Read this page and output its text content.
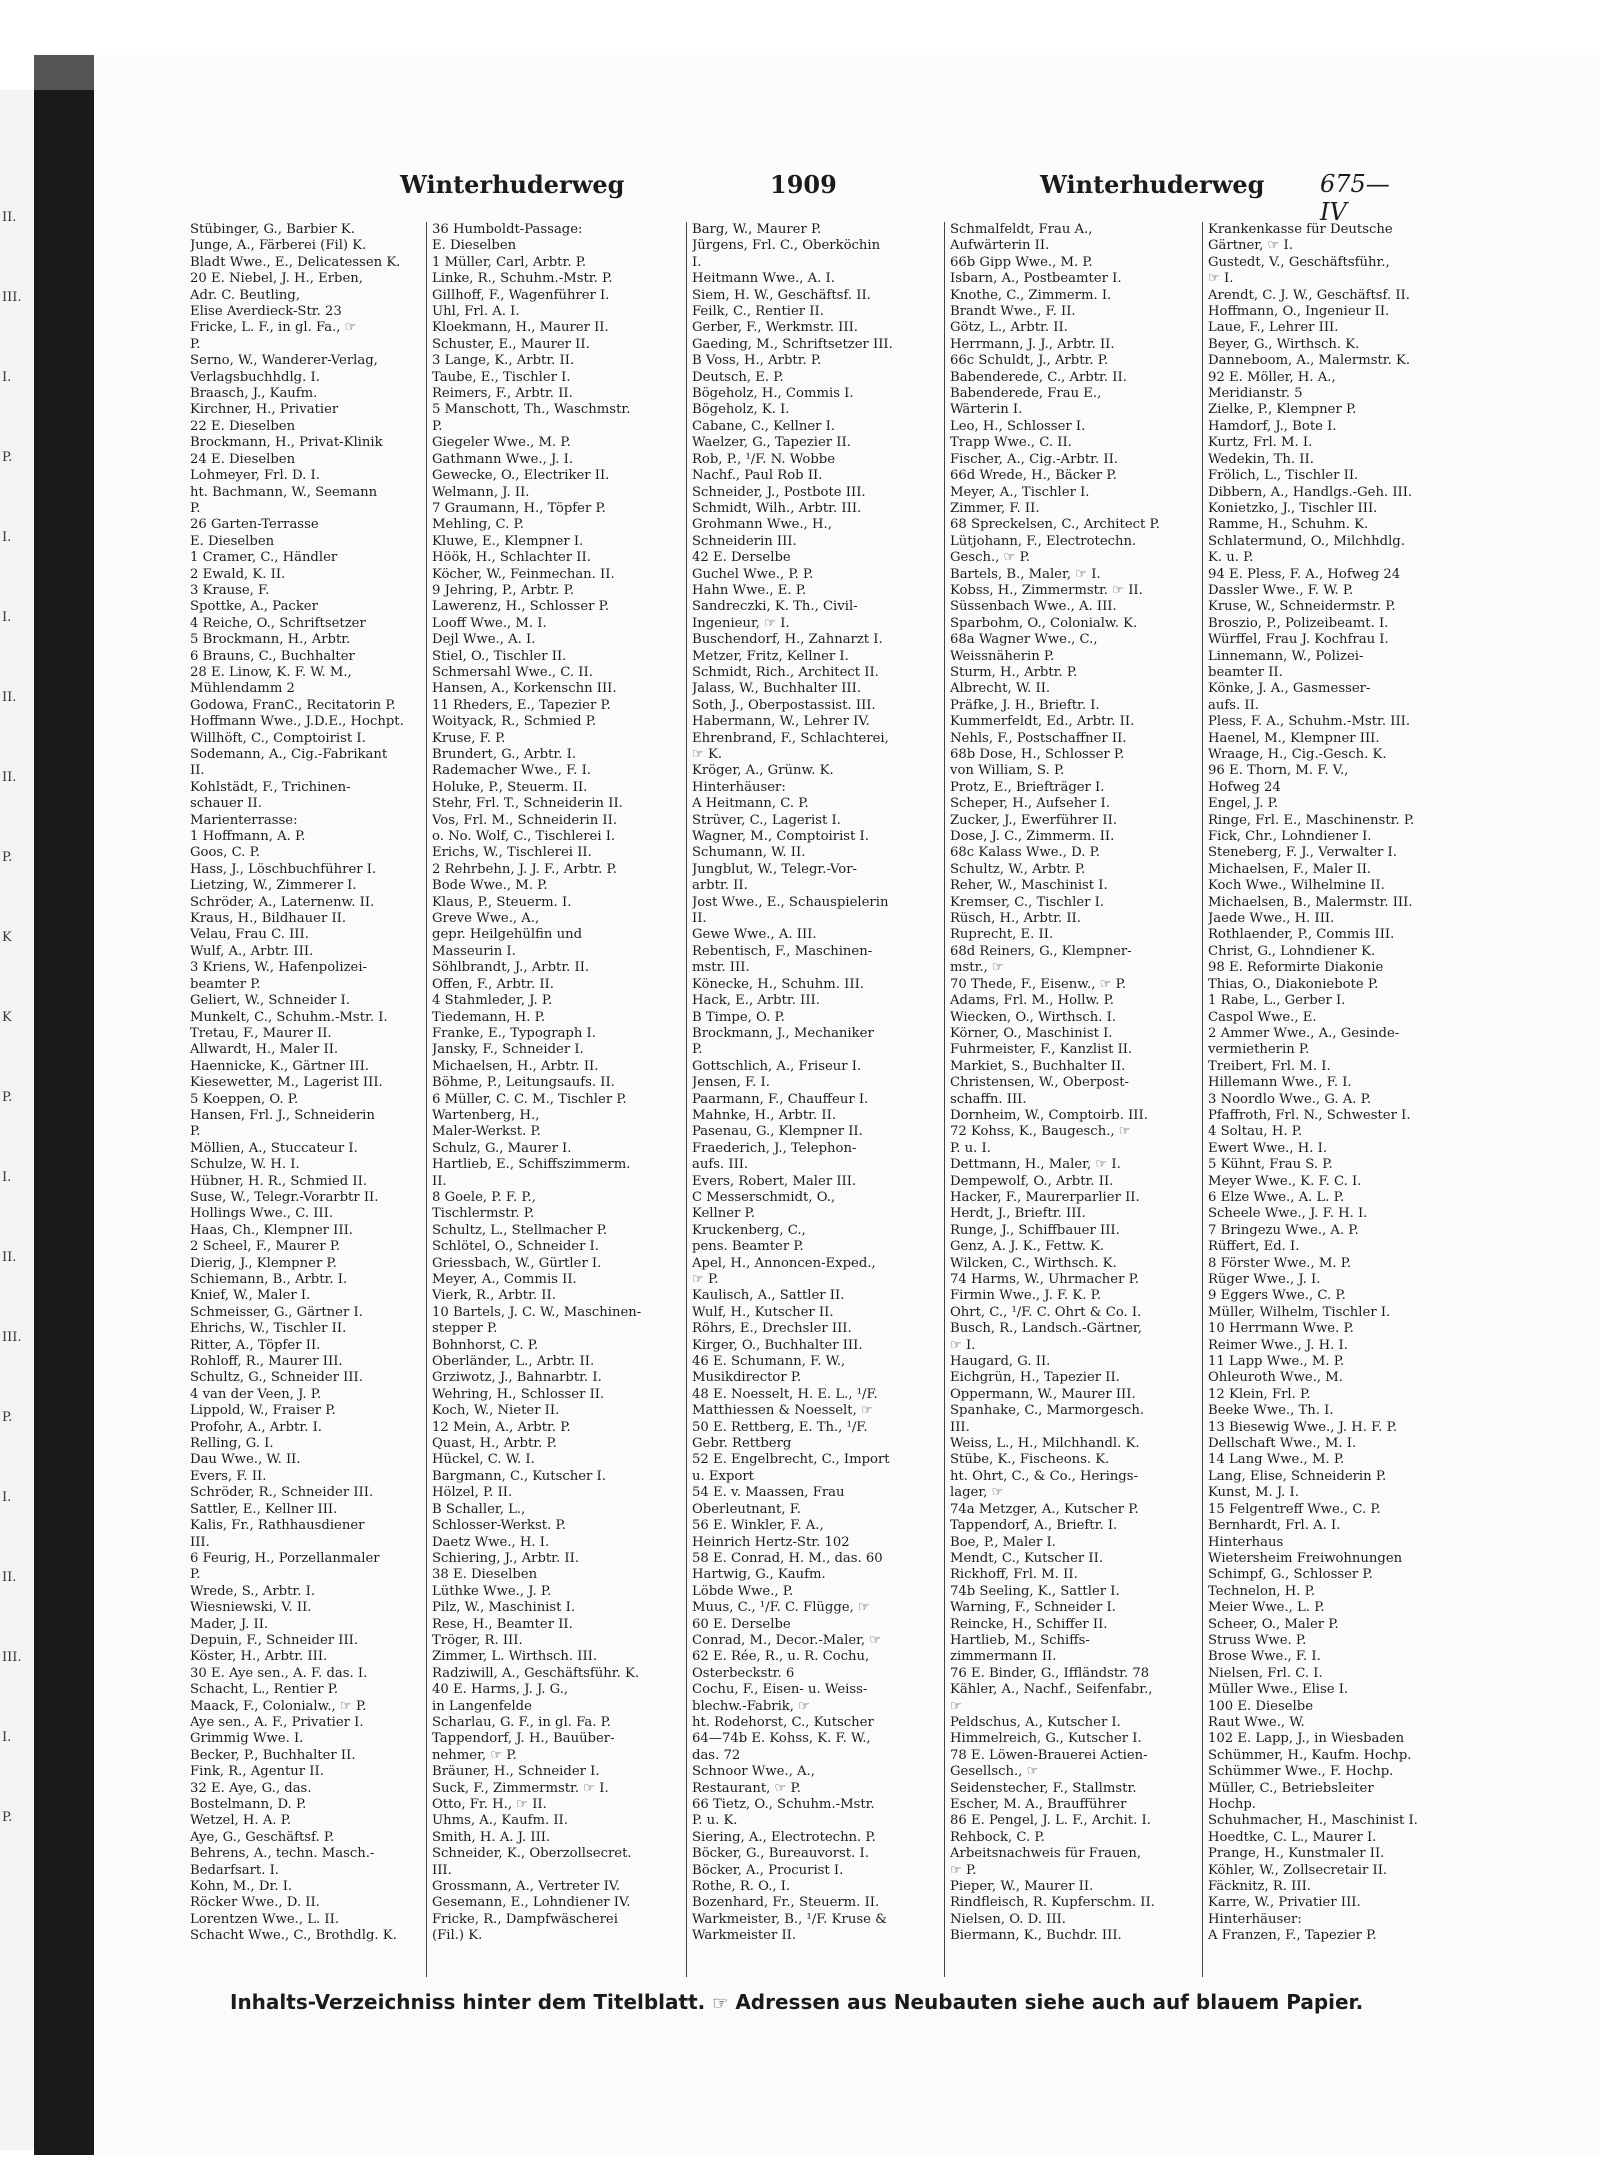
II.
III.
I.
P.
I.
I.
II.
II.
P.
K
K
P.
I.
II.
III.
P.
I.
II.
III.
I.
P.
Winterhuderweg	1909	Winterhuderweg 675—IV
Stübinger, G., Barbier K.
Junge, A., Färberei (Fil) K.
Bladt Wwe., E., Delicatessen K.
20 E. Niebel, J. H., Erben,
Adr. C. Beutling,
Elise Averdieck-Str. 23
Fricke, L. F., in gl. Fa., ☞
P.
Serno, W., Wanderer-Verlag,
Verlagsbuchhdlg. I.
Braasch, J., Kaufm.
Kirchner, H., Privatier
22 E. Dieselben
Brockmann, H., Privat-Klinik
24 E. Dieselben
Lohmeyer, Frl. D. I.
ht. Bachmann, W., Seemann
P.
26 Garten-Terrasse
E. Dieselben
1 Cramer, C., Händler
2 Ewald, K. II.
3 Krause, F.
Spottke, A., Packer
4 Reiche, O., Schriftsetzer
5 Brockmann, H., Arbtr.
6 Brauns, C., Buchhalter
28 E. Linow, K. F. W. M.,
Mühlendamm 2
Godowa, FranC., Recitatorin P.
Hoffmann Wwe., J.D.E., Hochpt.
Willhöft, C., Comptoirist I.
Sodemann, A., Cig.-Fabrikant
II.
Kohlstädt, F., Trichinen-
schauer II.
Marienterrasse:
1 Hoffmann, A. P.
Goos, C. P.
Hass, J., Löschbuchführer I.
Lietzing, W., Zimmerer I.
Schröder, A., Laternenw. II.
Kraus, H., Bildhauer II.
Velau, Frau C. III.
Wulf, A., Arbtr. III.
3 Kriens, W., Hafenpolizei-
beamter P.
Geliert, W., Schneider I.
Munkelt, C., Schuhm.-Mstr. I.
Tretau, F., Maurer II.
Allwardt, H., Maler II.
Haennicke, K., Gärtner III.
Kiesewetter, M., Lagerist III.
5 Koeppen, O. P.
Hansen, Frl. J., Schneiderin
P.
Möllien, A., Stuccateur I.
Schulze, W. H. I.
Hübner, H. R., Schmied II.
Suse, W., Telegr.-Vorarbtr II.
Hollings Wwe., C. III.
Haas, Ch., Klempner III.
2 Scheel, F., Maurer P.
Dierig, J., Klempner P.
Schiemann, B., Arbtr. I.
Knief, W., Maler I.
Schmeisser, G., Gärtner I.
Ehrichs, W., Tischler II.
Ritter, A., Töpfer II.
Rohloff, R., Maurer III.
Schultz, G., Schneider III.
4 van der Veen, J. P.
Lippold, W., Fraiser P.
Profohr, A., Arbtr. I.
Relling, G. I.
Dau Wwe., W. II.
Evers, F. II.
Schröder, R., Schneider III.
Sattler, E., Kellner III.
Kalis, Fr., Rathhausdiener
III.
6 Feurig, H., Porzellanmaler
P.
Wrede, S., Arbtr. I.
Wiesniewski, V. II.
Mader, J. II.
Depuin, F., Schneider III.
Köster, H., Arbtr. III.
30 E. Aye sen., A. F. das. I.
Schacht, L., Rentier P.
Maack, F., Colonialw., ☞ P.
Aye sen., A. F., Privatier I.
Grimmig Wwe. I.
Becker, P., Buchhalter II.
Fink, R., Agentur II.
32 E. Aye, G., das.
Bostelmann, D. P.
Wetzel, H. A. P.
Aye, G., Geschäftsf. P.
Behrens, A., techn. Masch.-
Bedarfsart. I.
Kohn, M., Dr. I.
Röcker Wwe., D. II.
Lorentzen Wwe., L. II.
Schacht Wwe., C., Brothdlg. K.
36 Humboldt-Passage:
E. Dieselben
1 Müller, Carl, Arbtr. P.
Linke, R., Schuhm.-Mstr. P.
Gillhoff, F., Wagenführer I.
Uhl, Frl. A. I.
Kloekmann, H., Maurer II.
Schuster, E., Maurer II.
3 Lange, K., Arbtr. II.
Taube, E., Tischler I.
Reimers, F., Arbtr. II.
5 Manschott, Th., Waschmstr.
P.
Giegeler Wwe., M. P.
Gathmann Wwe., J. I.
Gewecke, O., Electriker II.
Welmann, J. II.
7 Graumann, H., Töpfer P.
Mehling, C. P.
Kluwe, E., Klempner I.
Höök, H., Schlachter II.
Köcher, W., Feinmechan. II.
9 Jehring, P., Arbtr. P.
Lawerenz, H., Schlosser P.
Looff Wwe., M. I.
Dejl Wwe., A. I.
Stiel, O., Tischler II.
Schmersahl Wwe., C. II.
Hansen, A., Korkenschn III.
11 Rheders, E., Tapezier P.
Woityack, R., Schmied P.
Kruse, F. P.
Brundert, G., Arbtr. I.
Rademacher Wwe., F. I.
Holuke, P., Steuerm. II.
Stehr, Frl. T., Schneiderin II.
Vos, Frl. M., Schneiderin II.
o. No. Wolf, C., Tischlerei I.
Erichs, W., Tischlerei II.
2 Rehrbehn, J. J. F., Arbtr. P.
Bode Wwe., M. P.
Klaus, P., Steuerm. I.
Greve Wwe., A.,
gepr. Heilgehülfin und
Masseurin I.
Söhlbrandt, J., Arbtr. II.
Offen, F., Arbtr. II.
4 Stahmleder, J. P.
Tiedemann, H. P.
Franke, E., Typograph I.
Jansky, F., Schneider I.
Michaelsen, H., Arbtr. II.
Böhme, P., Leitungsaufs. II.
6 Müller, C. C. M., Tischler P.
Wartenberg, H.,
Maler-Werkst. P.
Schulz, G., Maurer I.
Hartlieb, E., Schiffszimmerm.
II.
8 Goele, P. F. P.,
Tischlermstr. P.
Schultz, L., Stellmacher P.
Schlötel, O., Schneider I.
Griessbach, W., Gürtler I.
Meyer, A., Commis II.
Vierk, R., Arbtr. II.
10 Bartels, J. C. W., Maschinen-
stepper P.
Bohnhorst, C. P.
Oberländer, L., Arbtr. II.
Grziwotz, J., Bahnarbtr. I.
Wehring, H., Schlosser II.
Koch, W., Nieter II.
12 Mein, A., Arbtr. P.
Quast, H., Arbtr. P.
Hückel, C. W. I.
Bargmann, C., Kutscher I.
Hölzel, P. II.
B Schaller, L.,
Schlosser-Werkst. P.
Daetz Wwe., H. I.
Schiering, J., Arbtr. II.
38 E. Dieselben
Lüthke Wwe., J. P.
Pilz, W., Maschinist I.
Rese, H., Beamter II.
Tröger, R. III.
Zimmer, L. Wirthsch. III.
Radziwill, A., Geschäftsführ. K.
40 E. Harms, J. J. G.,
in Langenfelde
Scharlau, G. F., in gl. Fa. P.
Tappendorf, J. H., Bauüber-
nehmer, ☞ P.
Bräuner, H., Schneider I.
Suck, F., Zimmermstr. ☞ I.
Otto, Fr. H., ☞ II.
Uhms, A., Kaufm. II.
Smith, H. A. J. III.
Schneider, K., Oberzollsecret.
III.
Grossmann, A., Vertreter IV.
Gesemann, E., Lohndiener IV.
Fricke, R., Dampfwäscherei
(Fil.) K.
Barg, W., Maurer P.
Jürgens, Frl. C., Oberköchin
I.
Heitmann Wwe., A. I.
Siem, H. W., Geschäftsf. II.
Feilk, C., Rentier II.
Gerber, F., Werkmstr. III.
Gaeding, M., Schriftsetzer III.
B Voss, H., Arbtr. P.
Deutsch, E. P.
Bögeholz, H., Commis I.
Bögeholz, K. I.
Cabane, C., Kellner I.
Waelzer, G., Tapezier II.
Rob, P., ¹/F. N. Wobbe
Nachf., Paul Rob II.
Schneider, J., Postbote III.
Schmidt, Wilh., Arbtr. III.
Grohmann Wwe., H.,
Schneiderin III.
42 E. Derselbe
Guchel Wwe., P. P.
Hahn Wwe., E. P.
Sandreczki, K. Th., Civil-
Ingenieur, ☞ I.
Buschendorf, H., Zahnarzt I.
Metzer, Fritz, Kellner I.
Schmidt, Rich., Architect II.
Jalass, W., Buchhalter III.
Soth, J., Oberpostassist. III.
Habermann, W., Lehrer IV.
Ehrenbrand, F., Schlachterei,
☞ K.
Kröger, A., Grünw. K.
Hinterhäuser:
A Heitmann, C. P.
Strüver, C., Lagerist I.
Wagner, M., Comptoirist I.
Schumann, W. II.
Jungblut, W., Telegr.-Vor-
arbtr. II.
Jost Wwe., E., Schauspielerin
II.
Gewe Wwe., A. III.
Rebentisch, F., Maschinen-
mstr. III.
Könecke, H., Schuhm. III.
Hack, E., Arbtr. III.
B Timpe, O. P.
Brockmann, J., Mechaniker
P.
Gottschlich, A., Friseur I.
Jensen, F. I.
Paarmann, F., Chauffeur I.
Mahnke, H., Arbtr. II.
Pasenau, G., Klempner II.
Fraederich, J., Telephon-
aufs. III.
Evers, Robert, Maler III.
C Messerschmidt, O.,
Kellner P.
Kruckenberg, C.,
pens. Beamter P.
Apel, H., Annoncen-Exped.,
☞ P.
Kaulisch, A., Sattler II.
Wulf, H., Kutscher II.
Röhrs, E., Drechsler III.
Kirger, O., Buchhalter III.
46 E. Schumann, F. W.,
Musikdirector P.
48 E. Noesselt, H. E. L., ¹/F.
Matthiessen & Noesselt, ☞
50 E. Rettberg, E. Th., ¹/F.
Gebr. Rettberg
52 E. Engelbrecht, C., Import
u. Export
54 E. v. Maassen, Frau
Oberleutnant, F.
56 E. Winkler, F. A.,
Heinrich Hertz-Str. 102
58 E. Conrad, H. M., das. 60
Hartwig, G., Kaufm.
Löbde Wwe., P.
Muus, C., ¹/F. C. Flügge, ☞
60 E. Derselbe
Conrad, M., Decor.-Maler, ☞
62 E. Rée, R., u. R. Cochu,
Osterbeckstr. 6
Cochu, F., Eisen- u. Weiss-
blechw.-Fabrik, ☞
ht. Rodehorst, C., Kutscher
64—74b E. Kohss, K. F. W.,
das. 72
Schnoor Wwe., A.,
Restaurant, ☞ P.
66 Tietz, O., Schuhm.-Mstr.
P. u. K.
Siering, A., Electrotechn. P.
Böcker, G., Bureauvorst. I.
Böcker, A., Procurist I.
Rothe, R. O., I.
Bozenhard, Fr., Steuerm. II.
Warkmeister, B., ¹/F. Kruse &
Warkmeister II.
Schmalfeldt, Frau A.,
Aufwärterin II.
66b Gipp Wwe., M. P.
Isbarn, A., Postbeamter I.
Knothe, C., Zimmerm. I.
Brandt Wwe., F. II.
Götz, L., Arbtr. II.
Herrmann, J. J., Arbtr. II.
66c Schuldt, J., Arbtr. P.
Babenderede, C., Arbtr. II.
Babenderede, Frau E.,
Wärterin I.
Leo, H., Schlosser I.
Trapp Wwe., C. II.
Fischer, A., Cig.-Arbtr. II.
66d Wrede, H., Bäcker P.
Meyer, A., Tischler I.
Zimmer, F. II.
68 Spreckelsen, C., Architect P.
Lütjohann, F., Electrotechn.
Gesch., ☞ P.
Bartels, B., Maler, ☞ I.
Kobss, H., Zimmermstr. ☞ II.
Süssenbach Wwe., A. III.
Sparbohm, O., Colonialw. K.
68a Wagner Wwe., C.,
Weissnäherin P.
Sturm, H., Arbtr. P.
Albrecht, W. II.
Präfke, J. H., Brieftr. I.
Kummerfeldt, Ed., Arbtr. II.
Nehls, F., Postschaffner II.
68b Dose, H., Schlosser P.
von William, S. P.
Protz, E., Briefträger I.
Scheper, H., Aufseher I.
Zucker, J., Ewerführer II.
Dose, J. C., Zimmerm. II.
68c Kalass Wwe., D. P.
Schultz, W., Arbtr. P.
Reher, W., Maschinist I.
Kremser, C., Tischler I.
Rüsch, H., Arbtr. II.
Ruprecht, E. II.
68d Reiners, G., Klempner-
mstr., ☞
70 Thede, F., Eisenw., ☞ P.
Adams, Frl. M., Hollw. P.
Wiecken, O., Wirthsch. I.
Körner, O., Maschinist I.
Fuhrmeister, F., Kanzlist II.
Markiet, S., Buchhalter II.
Christensen, W., Oberpost-
schaffn. III.
Dornheim, W., Comptoirb. III.
72 Kohss, K., Baugesch., ☞
P. u. I.
Dettmann, H., Maler, ☞ I.
Dempewolf, O., Arbtr. II.
Hacker, F., Maurerparlier II.
Herdt, J., Brieftr. III.
Runge, J., Schiffbauer III.
Genz, A. J. K., Fettw. K.
Wilcken, C., Wirthsch. K.
74 Harms, W., Uhrmacher P.
Firmin Wwe., J. F. K. P.
Ohrt, C., ¹/F. C. Ohrt & Co. I.
Busch, R., Landsch.-Gärtner,
☞ I.
Haugard, G. II.
Eichgrün, H., Tapezier II.
Oppermann, W., Maurer III.
Spanhake, C., Marmorgesch.
III.
Weiss, L., H., Milchhandl. K.
Stübe, K., Fischeons. K.
ht. Ohrt, C., & Co., Herings-
lager, ☞
74a Metzger, A., Kutscher P.
Tappendorf, A., Brieftr. I.
Boe, P., Maler I.
Mendt, C., Kutscher II.
Rickhoff, Frl. M. II.
74b Seeling, K., Sattler I.
Warning, F., Schneider I.
Reincke, H., Schiffer II.
Hartlieb, M., Schiffs-
zimmermann II.
76 E. Binder, G., Iffländstr. 78
Kähler, A., Nachf., Seifenfabr.,
☞
Peldschus, A., Kutscher I.
Himmelreich, G., Kutscher I.
78 E. Löwen-Brauerei Actien-
Gesellsch., ☞
Seidenstecher, F., Stallmstr.
Escher, M. A., Braufführer
86 E. Pengel, J. L. F., Archit. I.
Rehbock, C. P.
Arbeitsnachweis für Frauen,
☞ P.
Pieper, W., Maurer II.
Rindfleisch, R. Kupferschm. II.
Nielsen, O. D. III.
Biermann, K., Buchdr. III.
Krankenkasse für Deutsche
Gärtner, ☞ I.
Gustedt, V., Geschäftsführ.,
☞ I.
Arendt, C. J. W., Geschäftsf. II.
Hoffmann, O., Ingenieur II.
Laue, F., Lehrer III.
Beyer, G., Wirthsch. K.
Danneboom, A., Malermstr. K.
92 E. Möller, H. A.,
Meridianstr. 5
Zielke, P., Klempner P.
Hamdorf, J., Bote I.
Kurtz, Frl. M. I.
Wedekin, Th. II.
Frölich, L., Tischler II.
Dibbern, A., Handlgs.-Geh. III.
Konietzko, J., Tischler III.
Ramme, H., Schuhm. K.
Schlatermund, O., Milchhdlg.
K. u. P.
94 E. Pless, F. A., Hofweg 24
Dassler Wwe., F. W. P.
Kruse, W., Schneidermstr. P.
Broszio, P., Polizeibeamt. I.
Würffel, Frau J. Kochfrau I.
Linnemann, W., Polizei-
beamter II.
Könke, J. A., Gasmesser-
aufs. II.
Pless, F. A., Schuhm.-Mstr. III.
Haenel, M., Klempner III.
Wraage, H., Cig.-Gesch. K.
96 E. Thorn, M. F. V.,
Hofweg 24
Engel, J. P.
Ringe, Frl. E., Maschinenstr. P.
Fick, Chr., Lohndiener I.
Steneberg, F. J., Verwalter I.
Michaelsen, F., Maler II.
Koch Wwe., Wilhelmine II.
Michaelsen, B., Malermstr. III.
Jaede Wwe., H. III.
Rothlaender, P., Commis III.
Christ, G., Lohndiener K.
98 E. Reformirte Diakonie
Thias, O., Diakoniebote P.
1 Rabe, L., Gerber I.
Caspol Wwe., E.
2 Ammer Wwe., A., Gesinde-
vermietherin P.
Treibert, Frl. M. I.
Hillemann Wwe., F. I.
3 Noordlo Wwe., G. A. P.
Pfaffroth, Frl. N., Schwester I.
4 Soltau, H. P.
Ewert Wwe., H. I.
5 Kühnt, Frau S. P.
Meyer Wwe., K. F. C. I.
6 Elze Wwe., A. L. P.
Scheele Wwe., J. F. H. I.
7 Bringezu Wwe., A. P.
Rüffert, Ed. I.
8 Förster Wwe., M. P.
Rüger Wwe., J. I.
9 Eggers Wwe., C. P.
Müller, Wilhelm, Tischler I.
10 Herrmann Wwe. P.
Reimer Wwe., J. H. I.
11 Lapp Wwe., M. P.
Ohleuroth Wwe., M.
12 Klein, Frl. P.
Beeke Wwe., Th. I.
13 Biesewig Wwe., J. H. F. P.
Dellschaft Wwe., M. I.
14 Lang Wwe., M. P.
Lang, Elise, Schneiderin P.
Kunst, M. J. I.
15 Felgentreff Wwe., C. P.
Bernhardt, Frl. A. I.
Hinterhaus
Wietersheim Freiwohnungen
Schimpf, G., Schlosser P.
Technelon, H. P.
Meier Wwe., L. P.
Scheer, O., Maler P.
Struss Wwe. P.
Brose Wwe., F. I.
Nielsen, Frl. C. I.
Müller Wwe., Elise I.
100 E. Dieselbe
Raut Wwe., W.
102 E. Lapp, J., in Wiesbaden
Schümmer, H., Kaufm. Hochp.
Schümmer Wwe., F. Hochp.
Müller, C., Betriebsleiter
Hochp.
Schuhmacher, H., Maschinist I.
Hoedtke, C. L., Maurer I.
Prange, H., Kunstmaler II.
Köhler, W., Zollsecretair II.
Fäcknitz, R. III.
Karre, W., Privatier III.
Hinterhäuser:
A Franzen, F., Tapezier P.
Inhalts-Verzeichniss hinter dem Titelblatt. ☞ Adressen aus Neubauten siehe auch auf blauem Papier.
